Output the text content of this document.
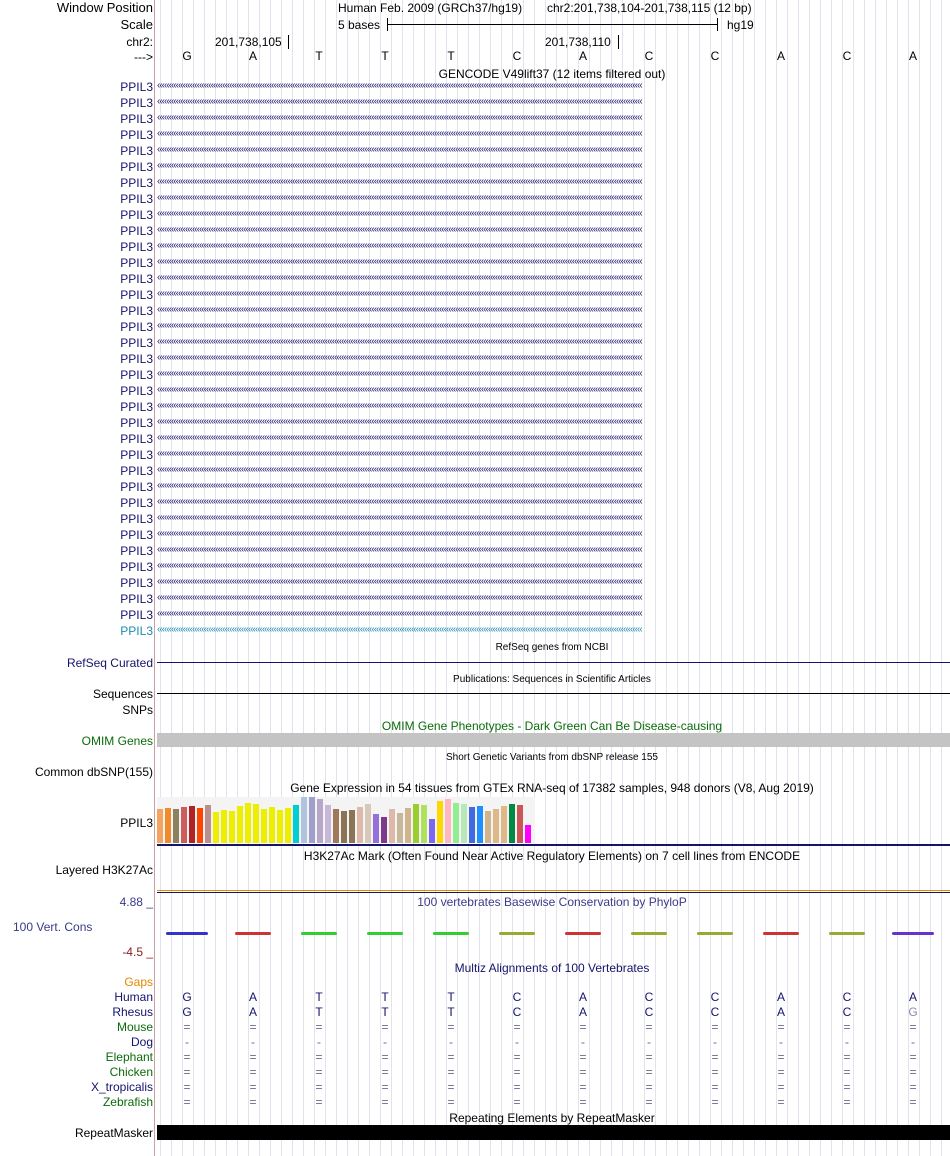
Window Position
Scale
chr2:
--->
Human Feb. 2009 (GRCh37/hg19) chr2:201,738,104-201,738,115 (12 bp)
5 bases	hg19
201,738,105	201,738,110
G	A	T	T	T	C	A	C	C	A	C	A
GENCODE V49lift37 (12 items filtered out)
PPIL3 ‹‹‹‹‹‹‹‹‹‹‹‹‹‹‹‹‹‹‹‹‹‹‹‹‹‹‹‹‹‹‹‹‹‹‹‹‹‹‹‹‹‹‹‹‹‹‹‹‹‹‹‹‹‹‹‹‹‹‹‹‹‹‹‹‹‹‹‹‹‹‹‹‹‹‹‹‹‹‹‹‹‹‹‹‹‹‹‹‹‹‹‹‹‹‹‹‹‹‹‹‹‹‹‹‹‹‹‹‹‹‹‹‹‹‹‹‹‹‹‹‹‹‹‹‹‹‹‹‹‹‹‹‹‹‹‹‹‹‹‹‹‹‹‹‹‹‹‹‹‹‹‹‹‹‹‹‹‹‹‹‹‹‹‹‹‹‹‹‹‹‹‹‹‹‹‹‹‹‹‹‹‹‹‹‹‹‹‹‹‹‹‹‹‹‹‹‹‹‹‹‹‹‹‹‹‹‹‹
PPIL3 ‹‹‹‹‹‹‹‹‹‹‹‹‹‹‹‹‹‹‹‹‹‹‹‹‹‹‹‹‹‹‹‹‹‹‹‹‹‹‹‹‹‹‹‹‹‹‹‹‹‹‹‹‹‹‹‹‹‹‹‹‹‹‹‹‹‹‹‹‹‹‹‹‹‹‹‹‹‹‹‹‹‹‹‹‹‹‹‹‹‹‹‹‹‹‹‹‹‹‹‹‹‹‹‹‹‹‹‹‹‹‹‹‹‹‹‹‹‹‹‹‹‹‹‹‹‹‹‹‹‹‹‹‹‹‹‹‹‹‹‹‹‹‹‹‹‹‹‹‹‹‹‹‹‹‹‹‹‹‹‹‹‹‹‹‹‹‹‹‹‹‹‹‹‹‹‹‹‹‹‹‹‹‹‹‹‹‹‹‹‹‹‹‹‹‹‹‹‹‹‹‹‹‹‹‹‹‹‹
PPIL3 ‹‹‹‹‹‹‹‹‹‹‹‹‹‹‹‹‹‹‹‹‹‹‹‹‹‹‹‹‹‹‹‹‹‹‹‹‹‹‹‹‹‹‹‹‹‹‹‹‹‹‹‹‹‹‹‹‹‹‹‹‹‹‹‹‹‹‹‹‹‹‹‹‹‹‹‹‹‹‹‹‹‹‹‹‹‹‹‹‹‹‹‹‹‹‹‹‹‹‹‹‹‹‹‹‹‹‹‹‹‹‹‹‹‹‹‹‹‹‹‹‹‹‹‹‹‹‹‹‹‹‹‹‹‹‹‹‹‹‹‹‹‹‹‹‹‹‹‹‹‹‹‹‹‹‹‹‹‹‹‹‹‹‹‹‹‹‹‹‹‹‹‹‹‹‹‹‹‹‹‹‹‹‹‹‹‹‹‹‹‹‹‹‹‹‹‹‹‹‹‹‹‹‹‹‹‹‹‹
PPIL3 ‹‹‹‹‹‹‹‹‹‹‹‹‹‹‹‹‹‹‹‹‹‹‹‹‹‹‹‹‹‹‹‹‹‹‹‹‹‹‹‹‹‹‹‹‹‹‹‹‹‹‹‹‹‹‹‹‹‹‹‹‹‹‹‹‹‹‹‹‹‹‹‹‹‹‹‹‹‹‹‹‹‹‹‹‹‹‹‹‹‹‹‹‹‹‹‹‹‹‹‹‹‹‹‹‹‹‹‹‹‹‹‹‹‹‹‹‹‹‹‹‹‹‹‹‹‹‹‹‹‹‹‹‹‹‹‹‹‹‹‹‹‹‹‹‹‹‹‹‹‹‹‹‹‹‹‹‹‹‹‹‹‹‹‹‹‹‹‹‹‹‹‹‹‹‹‹‹‹‹‹‹‹‹‹‹‹‹‹‹‹‹‹‹‹‹‹‹‹‹‹‹‹‹‹‹‹‹‹
PPIL3 ‹‹‹‹‹‹‹‹‹‹‹‹‹‹‹‹‹‹‹‹‹‹‹‹‹‹‹‹‹‹‹‹‹‹‹‹‹‹‹‹‹‹‹‹‹‹‹‹‹‹‹‹‹‹‹‹‹‹‹‹‹‹‹‹‹‹‹‹‹‹‹‹‹‹‹‹‹‹‹‹‹‹‹‹‹‹‹‹‹‹‹‹‹‹‹‹‹‹‹‹‹‹‹‹‹‹‹‹‹‹‹‹‹‹‹‹‹‹‹‹‹‹‹‹‹‹‹‹‹‹‹‹‹‹‹‹‹‹‹‹‹‹‹‹‹‹‹‹‹‹‹‹‹‹‹‹‹‹‹‹‹‹‹‹‹‹‹‹‹‹‹‹‹‹‹‹‹‹‹‹‹‹‹‹‹‹‹‹‹‹‹‹‹‹‹‹‹‹‹‹‹‹‹‹‹‹‹‹
PPIL3 ‹‹‹‹‹‹‹‹‹‹‹‹‹‹‹‹‹‹‹‹‹‹‹‹‹‹‹‹‹‹‹‹‹‹‹‹‹‹‹‹‹‹‹‹‹‹‹‹‹‹‹‹‹‹‹‹‹‹‹‹‹‹‹‹‹‹‹‹‹‹‹‹‹‹‹‹‹‹‹‹‹‹‹‹‹‹‹‹‹‹‹‹‹‹‹‹‹‹‹‹‹‹‹‹‹‹‹‹‹‹‹‹‹‹‹‹‹‹‹‹‹‹‹‹‹‹‹‹‹‹‹‹‹‹‹‹‹‹‹‹‹‹‹‹‹‹‹‹‹‹‹‹‹‹‹‹‹‹‹‹‹‹‹‹‹‹‹‹‹‹‹‹‹‹‹‹‹‹‹‹‹‹‹‹‹‹‹‹‹‹‹‹‹‹‹‹‹‹‹‹‹‹‹‹‹‹‹‹
PPIL3 ‹‹‹‹‹‹‹‹‹‹‹‹‹‹‹‹‹‹‹‹‹‹‹‹‹‹‹‹‹‹‹‹‹‹‹‹‹‹‹‹‹‹‹‹‹‹‹‹‹‹‹‹‹‹‹‹‹‹‹‹‹‹‹‹‹‹‹‹‹‹‹‹‹‹‹‹‹‹‹‹‹‹‹‹‹‹‹‹‹‹‹‹‹‹‹‹‹‹‹‹‹‹‹‹‹‹‹‹‹‹‹‹‹‹‹‹‹‹‹‹‹‹‹‹‹‹‹‹‹‹‹‹‹‹‹‹‹‹‹‹‹‹‹‹‹‹‹‹‹‹‹‹‹‹‹‹‹‹‹‹‹‹‹‹‹‹‹‹‹‹‹‹‹‹‹‹‹‹‹‹‹‹‹‹‹‹‹‹‹‹‹‹‹‹‹‹‹‹‹‹‹‹‹‹‹‹‹‹
PPIL3 ‹‹‹‹‹‹‹‹‹‹‹‹‹‹‹‹‹‹‹‹‹‹‹‹‹‹‹‹‹‹‹‹‹‹‹‹‹‹‹‹‹‹‹‹‹‹‹‹‹‹‹‹‹‹‹‹‹‹‹‹‹‹‹‹‹‹‹‹‹‹‹‹‹‹‹‹‹‹‹‹‹‹‹‹‹‹‹‹‹‹‹‹‹‹‹‹‹‹‹‹‹‹‹‹‹‹‹‹‹‹‹‹‹‹‹‹‹‹‹‹‹‹‹‹‹‹‹‹‹‹‹‹‹‹‹‹‹‹‹‹‹‹‹‹‹‹‹‹‹‹‹‹‹‹‹‹‹‹‹‹‹‹‹‹‹‹‹‹‹‹‹‹‹‹‹‹‹‹‹‹‹‹‹‹‹‹‹‹‹‹‹‹‹‹‹‹‹‹‹‹‹‹‹‹‹‹‹‹
PPIL3 ‹‹‹‹‹‹‹‹‹‹‹‹‹‹‹‹‹‹‹‹‹‹‹‹‹‹‹‹‹‹‹‹‹‹‹‹‹‹‹‹‹‹‹‹‹‹‹‹‹‹‹‹‹‹‹‹‹‹‹‹‹‹‹‹‹‹‹‹‹‹‹‹‹‹‹‹‹‹‹‹‹‹‹‹‹‹‹‹‹‹‹‹‹‹‹‹‹‹‹‹‹‹‹‹‹‹‹‹‹‹‹‹‹‹‹‹‹‹‹‹‹‹‹‹‹‹‹‹‹‹‹‹‹‹‹‹‹‹‹‹‹‹‹‹‹‹‹‹‹‹‹‹‹‹‹‹‹‹‹‹‹‹‹‹‹‹‹‹‹‹‹‹‹‹‹‹‹‹‹‹‹‹‹‹‹‹‹‹‹‹‹‹‹‹‹‹‹‹‹‹‹‹‹‹‹‹‹‹
PPIL3 ‹‹‹‹‹‹‹‹‹‹‹‹‹‹‹‹‹‹‹‹‹‹‹‹‹‹‹‹‹‹‹‹‹‹‹‹‹‹‹‹‹‹‹‹‹‹‹‹‹‹‹‹‹‹‹‹‹‹‹‹‹‹‹‹‹‹‹‹‹‹‹‹‹‹‹‹‹‹‹‹‹‹‹‹‹‹‹‹‹‹‹‹‹‹‹‹‹‹‹‹‹‹‹‹‹‹‹‹‹‹‹‹‹‹‹‹‹‹‹‹‹‹‹‹‹‹‹‹‹‹‹‹‹‹‹‹‹‹‹‹‹‹‹‹‹‹‹‹‹‹‹‹‹‹‹‹‹‹‹‹‹‹‹‹‹‹‹‹‹‹‹‹‹‹‹‹‹‹‹‹‹‹‹‹‹‹‹‹‹‹‹‹‹‹‹‹‹‹‹‹‹‹‹‹‹‹‹‹
PPIL3 ‹‹‹‹‹‹‹‹‹‹‹‹‹‹‹‹‹‹‹‹‹‹‹‹‹‹‹‹‹‹‹‹‹‹‹‹‹‹‹‹‹‹‹‹‹‹‹‹‹‹‹‹‹‹‹‹‹‹‹‹‹‹‹‹‹‹‹‹‹‹‹‹‹‹‹‹‹‹‹‹‹‹‹‹‹‹‹‹‹‹‹‹‹‹‹‹‹‹‹‹‹‹‹‹‹‹‹‹‹‹‹‹‹‹‹‹‹‹‹‹‹‹‹‹‹‹‹‹‹‹‹‹‹‹‹‹‹‹‹‹‹‹‹‹‹‹‹‹‹‹‹‹‹‹‹‹‹‹‹‹‹‹‹‹‹‹‹‹‹‹‹‹‹‹‹‹‹‹‹‹‹‹‹‹‹‹‹‹‹‹‹‹‹‹‹‹‹‹‹‹‹‹‹‹‹‹‹‹
PPIL3 ‹‹‹‹‹‹‹‹‹‹‹‹‹‹‹‹‹‹‹‹‹‹‹‹‹‹‹‹‹‹‹‹‹‹‹‹‹‹‹‹‹‹‹‹‹‹‹‹‹‹‹‹‹‹‹‹‹‹‹‹‹‹‹‹‹‹‹‹‹‹‹‹‹‹‹‹‹‹‹‹‹‹‹‹‹‹‹‹‹‹‹‹‹‹‹‹‹‹‹‹‹‹‹‹‹‹‹‹‹‹‹‹‹‹‹‹‹‹‹‹‹‹‹‹‹‹‹‹‹‹‹‹‹‹‹‹‹‹‹‹‹‹‹‹‹‹‹‹‹‹‹‹‹‹‹‹‹‹‹‹‹‹‹‹‹‹‹‹‹‹‹‹‹‹‹‹‹‹‹‹‹‹‹‹‹‹‹‹‹‹‹‹‹‹‹‹‹‹‹‹‹‹‹‹‹‹‹‹
PPIL3 ‹‹‹‹‹‹‹‹‹‹‹‹‹‹‹‹‹‹‹‹‹‹‹‹‹‹‹‹‹‹‹‹‹‹‹‹‹‹‹‹‹‹‹‹‹‹‹‹‹‹‹‹‹‹‹‹‹‹‹‹‹‹‹‹‹‹‹‹‹‹‹‹‹‹‹‹‹‹‹‹‹‹‹‹‹‹‹‹‹‹‹‹‹‹‹‹‹‹‹‹‹‹‹‹‹‹‹‹‹‹‹‹‹‹‹‹‹‹‹‹‹‹‹‹‹‹‹‹‹‹‹‹‹‹‹‹‹‹‹‹‹‹‹‹‹‹‹‹‹‹‹‹‹‹‹‹‹‹‹‹‹‹‹‹‹‹‹‹‹‹‹‹‹‹‹‹‹‹‹‹‹‹‹‹‹‹‹‹‹‹‹‹‹‹‹‹‹‹‹‹‹‹‹‹‹‹‹‹
PPIL3 ‹‹‹‹‹‹‹‹‹‹‹‹‹‹‹‹‹‹‹‹‹‹‹‹‹‹‹‹‹‹‹‹‹‹‹‹‹‹‹‹‹‹‹‹‹‹‹‹‹‹‹‹‹‹‹‹‹‹‹‹‹‹‹‹‹‹‹‹‹‹‹‹‹‹‹‹‹‹‹‹‹‹‹‹‹‹‹‹‹‹‹‹‹‹‹‹‹‹‹‹‹‹‹‹‹‹‹‹‹‹‹‹‹‹‹‹‹‹‹‹‹‹‹‹‹‹‹‹‹‹‹‹‹‹‹‹‹‹‹‹‹‹‹‹‹‹‹‹‹‹‹‹‹‹‹‹‹‹‹‹‹‹‹‹‹‹‹‹‹‹‹‹‹‹‹‹‹‹‹‹‹‹‹‹‹‹‹‹‹‹‹‹‹‹‹‹‹‹‹‹‹‹‹‹‹‹‹‹
PPIL3 ‹‹‹‹‹‹‹‹‹‹‹‹‹‹‹‹‹‹‹‹‹‹‹‹‹‹‹‹‹‹‹‹‹‹‹‹‹‹‹‹‹‹‹‹‹‹‹‹‹‹‹‹‹‹‹‹‹‹‹‹‹‹‹‹‹‹‹‹‹‹‹‹‹‹‹‹‹‹‹‹‹‹‹‹‹‹‹‹‹‹‹‹‹‹‹‹‹‹‹‹‹‹‹‹‹‹‹‹‹‹‹‹‹‹‹‹‹‹‹‹‹‹‹‹‹‹‹‹‹‹‹‹‹‹‹‹‹‹‹‹‹‹‹‹‹‹‹‹‹‹‹‹‹‹‹‹‹‹‹‹‹‹‹‹‹‹‹‹‹‹‹‹‹‹‹‹‹‹‹‹‹‹‹‹‹‹‹‹‹‹‹‹‹‹‹‹‹‹‹‹‹‹‹‹‹‹‹‹
PPIL3 ‹‹‹‹‹‹‹‹‹‹‹‹‹‹‹‹‹‹‹‹‹‹‹‹‹‹‹‹‹‹‹‹‹‹‹‹‹‹‹‹‹‹‹‹‹‹‹‹‹‹‹‹‹‹‹‹‹‹‹‹‹‹‹‹‹‹‹‹‹‹‹‹‹‹‹‹‹‹‹‹‹‹‹‹‹‹‹‹‹‹‹‹‹‹‹‹‹‹‹‹‹‹‹‹‹‹‹‹‹‹‹‹‹‹‹‹‹‹‹‹‹‹‹‹‹‹‹‹‹‹‹‹‹‹‹‹‹‹‹‹‹‹‹‹‹‹‹‹‹‹‹‹‹‹‹‹‹‹‹‹‹‹‹‹‹‹‹‹‹‹‹‹‹‹‹‹‹‹‹‹‹‹‹‹‹‹‹‹‹‹‹‹‹‹‹‹‹‹‹‹‹‹‹‹‹‹‹‹
PPIL3 ‹‹‹‹‹‹‹‹‹‹‹‹‹‹‹‹‹‹‹‹‹‹‹‹‹‹‹‹‹‹‹‹‹‹‹‹‹‹‹‹‹‹‹‹‹‹‹‹‹‹‹‹‹‹‹‹‹‹‹‹‹‹‹‹‹‹‹‹‹‹‹‹‹‹‹‹‹‹‹‹‹‹‹‹‹‹‹‹‹‹‹‹‹‹‹‹‹‹‹‹‹‹‹‹‹‹‹‹‹‹‹‹‹‹‹‹‹‹‹‹‹‹‹‹‹‹‹‹‹‹‹‹‹‹‹‹‹‹‹‹‹‹‹‹‹‹‹‹‹‹‹‹‹‹‹‹‹‹‹‹‹‹‹‹‹‹‹‹‹‹‹‹‹‹‹‹‹‹‹‹‹‹‹‹‹‹‹‹‹‹‹‹‹‹‹‹‹‹‹‹‹‹‹‹‹‹‹‹
PPIL3 ‹‹‹‹‹‹‹‹‹‹‹‹‹‹‹‹‹‹‹‹‹‹‹‹‹‹‹‹‹‹‹‹‹‹‹‹‹‹‹‹‹‹‹‹‹‹‹‹‹‹‹‹‹‹‹‹‹‹‹‹‹‹‹‹‹‹‹‹‹‹‹‹‹‹‹‹‹‹‹‹‹‹‹‹‹‹‹‹‹‹‹‹‹‹‹‹‹‹‹‹‹‹‹‹‹‹‹‹‹‹‹‹‹‹‹‹‹‹‹‹‹‹‹‹‹‹‹‹‹‹‹‹‹‹‹‹‹‹‹‹‹‹‹‹‹‹‹‹‹‹‹‹‹‹‹‹‹‹‹‹‹‹‹‹‹‹‹‹‹‹‹‹‹‹‹‹‹‹‹‹‹‹‹‹‹‹‹‹‹‹‹‹‹‹‹‹‹‹‹‹‹‹‹‹‹‹‹‹
PPIL3 ‹‹‹‹‹‹‹‹‹‹‹‹‹‹‹‹‹‹‹‹‹‹‹‹‹‹‹‹‹‹‹‹‹‹‹‹‹‹‹‹‹‹‹‹‹‹‹‹‹‹‹‹‹‹‹‹‹‹‹‹‹‹‹‹‹‹‹‹‹‹‹‹‹‹‹‹‹‹‹‹‹‹‹‹‹‹‹‹‹‹‹‹‹‹‹‹‹‹‹‹‹‹‹‹‹‹‹‹‹‹‹‹‹‹‹‹‹‹‹‹‹‹‹‹‹‹‹‹‹‹‹‹‹‹‹‹‹‹‹‹‹‹‹‹‹‹‹‹‹‹‹‹‹‹‹‹‹‹‹‹‹‹‹‹‹‹‹‹‹‹‹‹‹‹‹‹‹‹‹‹‹‹‹‹‹‹‹‹‹‹‹‹‹‹‹‹‹‹‹‹‹‹‹‹‹‹‹‹
PPIL3 ‹‹‹‹‹‹‹‹‹‹‹‹‹‹‹‹‹‹‹‹‹‹‹‹‹‹‹‹‹‹‹‹‹‹‹‹‹‹‹‹‹‹‹‹‹‹‹‹‹‹‹‹‹‹‹‹‹‹‹‹‹‹‹‹‹‹‹‹‹‹‹‹‹‹‹‹‹‹‹‹‹‹‹‹‹‹‹‹‹‹‹‹‹‹‹‹‹‹‹‹‹‹‹‹‹‹‹‹‹‹‹‹‹‹‹‹‹‹‹‹‹‹‹‹‹‹‹‹‹‹‹‹‹‹‹‹‹‹‹‹‹‹‹‹‹‹‹‹‹‹‹‹‹‹‹‹‹‹‹‹‹‹‹‹‹‹‹‹‹‹‹‹‹‹‹‹‹‹‹‹‹‹‹‹‹‹‹‹‹‹‹‹‹‹‹‹‹‹‹‹‹‹‹‹‹‹‹‹
PPIL3 ‹‹‹‹‹‹‹‹‹‹‹‹‹‹‹‹‹‹‹‹‹‹‹‹‹‹‹‹‹‹‹‹‹‹‹‹‹‹‹‹‹‹‹‹‹‹‹‹‹‹‹‹‹‹‹‹‹‹‹‹‹‹‹‹‹‹‹‹‹‹‹‹‹‹‹‹‹‹‹‹‹‹‹‹‹‹‹‹‹‹‹‹‹‹‹‹‹‹‹‹‹‹‹‹‹‹‹‹‹‹‹‹‹‹‹‹‹‹‹‹‹‹‹‹‹‹‹‹‹‹‹‹‹‹‹‹‹‹‹‹‹‹‹‹‹‹‹‹‹‹‹‹‹‹‹‹‹‹‹‹‹‹‹‹‹‹‹‹‹‹‹‹‹‹‹‹‹‹‹‹‹‹‹‹‹‹‹‹‹‹‹‹‹‹‹‹‹‹‹‹‹‹‹‹‹‹‹‹
PPIL3 ‹‹‹‹‹‹‹‹‹‹‹‹‹‹‹‹‹‹‹‹‹‹‹‹‹‹‹‹‹‹‹‹‹‹‹‹‹‹‹‹‹‹‹‹‹‹‹‹‹‹‹‹‹‹‹‹‹‹‹‹‹‹‹‹‹‹‹‹‹‹‹‹‹‹‹‹‹‹‹‹‹‹‹‹‹‹‹‹‹‹‹‹‹‹‹‹‹‹‹‹‹‹‹‹‹‹‹‹‹‹‹‹‹‹‹‹‹‹‹‹‹‹‹‹‹‹‹‹‹‹‹‹‹‹‹‹‹‹‹‹‹‹‹‹‹‹‹‹‹‹‹‹‹‹‹‹‹‹‹‹‹‹‹‹‹‹‹‹‹‹‹‹‹‹‹‹‹‹‹‹‹‹‹‹‹‹‹‹‹‹‹‹‹‹‹‹‹‹‹‹‹‹‹‹‹‹‹‹
PPIL3 ‹‹‹‹‹‹‹‹‹‹‹‹‹‹‹‹‹‹‹‹‹‹‹‹‹‹‹‹‹‹‹‹‹‹‹‹‹‹‹‹‹‹‹‹‹‹‹‹‹‹‹‹‹‹‹‹‹‹‹‹‹‹‹‹‹‹‹‹‹‹‹‹‹‹‹‹‹‹‹‹‹‹‹‹‹‹‹‹‹‹‹‹‹‹‹‹‹‹‹‹‹‹‹‹‹‹‹‹‹‹‹‹‹‹‹‹‹‹‹‹‹‹‹‹‹‹‹‹‹‹‹‹‹‹‹‹‹‹‹‹‹‹‹‹‹‹‹‹‹‹‹‹‹‹‹‹‹‹‹‹‹‹‹‹‹‹‹‹‹‹‹‹‹‹‹‹‹‹‹‹‹‹‹‹‹‹‹‹‹‹‹‹‹‹‹‹‹‹‹‹‹‹‹‹‹‹‹‹
PPIL3 ‹‹‹‹‹‹‹‹‹‹‹‹‹‹‹‹‹‹‹‹‹‹‹‹‹‹‹‹‹‹‹‹‹‹‹‹‹‹‹‹‹‹‹‹‹‹‹‹‹‹‹‹‹‹‹‹‹‹‹‹‹‹‹‹‹‹‹‹‹‹‹‹‹‹‹‹‹‹‹‹‹‹‹‹‹‹‹‹‹‹‹‹‹‹‹‹‹‹‹‹‹‹‹‹‹‹‹‹‹‹‹‹‹‹‹‹‹‹‹‹‹‹‹‹‹‹‹‹‹‹‹‹‹‹‹‹‹‹‹‹‹‹‹‹‹‹‹‹‹‹‹‹‹‹‹‹‹‹‹‹‹‹‹‹‹‹‹‹‹‹‹‹‹‹‹‹‹‹‹‹‹‹‹‹‹‹‹‹‹‹‹‹‹‹‹‹‹‹‹‹‹‹‹‹‹‹‹‹
PPIL3 ‹‹‹‹‹‹‹‹‹‹‹‹‹‹‹‹‹‹‹‹‹‹‹‹‹‹‹‹‹‹‹‹‹‹‹‹‹‹‹‹‹‹‹‹‹‹‹‹‹‹‹‹‹‹‹‹‹‹‹‹‹‹‹‹‹‹‹‹‹‹‹‹‹‹‹‹‹‹‹‹‹‹‹‹‹‹‹‹‹‹‹‹‹‹‹‹‹‹‹‹‹‹‹‹‹‹‹‹‹‹‹‹‹‹‹‹‹‹‹‹‹‹‹‹‹‹‹‹‹‹‹‹‹‹‹‹‹‹‹‹‹‹‹‹‹‹‹‹‹‹‹‹‹‹‹‹‹‹‹‹‹‹‹‹‹‹‹‹‹‹‹‹‹‹‹‹‹‹‹‹‹‹‹‹‹‹‹‹‹‹‹‹‹‹‹‹‹‹‹‹‹‹‹‹‹‹‹‹
PPIL3 ‹‹‹‹‹‹‹‹‹‹‹‹‹‹‹‹‹‹‹‹‹‹‹‹‹‹‹‹‹‹‹‹‹‹‹‹‹‹‹‹‹‹‹‹‹‹‹‹‹‹‹‹‹‹‹‹‹‹‹‹‹‹‹‹‹‹‹‹‹‹‹‹‹‹‹‹‹‹‹‹‹‹‹‹‹‹‹‹‹‹‹‹‹‹‹‹‹‹‹‹‹‹‹‹‹‹‹‹‹‹‹‹‹‹‹‹‹‹‹‹‹‹‹‹‹‹‹‹‹‹‹‹‹‹‹‹‹‹‹‹‹‹‹‹‹‹‹‹‹‹‹‹‹‹‹‹‹‹‹‹‹‹‹‹‹‹‹‹‹‹‹‹‹‹‹‹‹‹‹‹‹‹‹‹‹‹‹‹‹‹‹‹‹‹‹‹‹‹‹‹‹‹‹‹‹‹‹‹
PPIL3 ‹‹‹‹‹‹‹‹‹‹‹‹‹‹‹‹‹‹‹‹‹‹‹‹‹‹‹‹‹‹‹‹‹‹‹‹‹‹‹‹‹‹‹‹‹‹‹‹‹‹‹‹‹‹‹‹‹‹‹‹‹‹‹‹‹‹‹‹‹‹‹‹‹‹‹‹‹‹‹‹‹‹‹‹‹‹‹‹‹‹‹‹‹‹‹‹‹‹‹‹‹‹‹‹‹‹‹‹‹‹‹‹‹‹‹‹‹‹‹‹‹‹‹‹‹‹‹‹‹‹‹‹‹‹‹‹‹‹‹‹‹‹‹‹‹‹‹‹‹‹‹‹‹‹‹‹‹‹‹‹‹‹‹‹‹‹‹‹‹‹‹‹‹‹‹‹‹‹‹‹‹‹‹‹‹‹‹‹‹‹‹‹‹‹‹‹‹‹‹‹‹‹‹‹‹‹‹‹
PPIL3 ‹‹‹‹‹‹‹‹‹‹‹‹‹‹‹‹‹‹‹‹‹‹‹‹‹‹‹‹‹‹‹‹‹‹‹‹‹‹‹‹‹‹‹‹‹‹‹‹‹‹‹‹‹‹‹‹‹‹‹‹‹‹‹‹‹‹‹‹‹‹‹‹‹‹‹‹‹‹‹‹‹‹‹‹‹‹‹‹‹‹‹‹‹‹‹‹‹‹‹‹‹‹‹‹‹‹‹‹‹‹‹‹‹‹‹‹‹‹‹‹‹‹‹‹‹‹‹‹‹‹‹‹‹‹‹‹‹‹‹‹‹‹‹‹‹‹‹‹‹‹‹‹‹‹‹‹‹‹‹‹‹‹‹‹‹‹‹‹‹‹‹‹‹‹‹‹‹‹‹‹‹‹‹‹‹‹‹‹‹‹‹‹‹‹‹‹‹‹‹‹‹‹‹‹‹‹‹‹
PPIL3 ‹‹‹‹‹‹‹‹‹‹‹‹‹‹‹‹‹‹‹‹‹‹‹‹‹‹‹‹‹‹‹‹‹‹‹‹‹‹‹‹‹‹‹‹‹‹‹‹‹‹‹‹‹‹‹‹‹‹‹‹‹‹‹‹‹‹‹‹‹‹‹‹‹‹‹‹‹‹‹‹‹‹‹‹‹‹‹‹‹‹‹‹‹‹‹‹‹‹‹‹‹‹‹‹‹‹‹‹‹‹‹‹‹‹‹‹‹‹‹‹‹‹‹‹‹‹‹‹‹‹‹‹‹‹‹‹‹‹‹‹‹‹‹‹‹‹‹‹‹‹‹‹‹‹‹‹‹‹‹‹‹‹‹‹‹‹‹‹‹‹‹‹‹‹‹‹‹‹‹‹‹‹‹‹‹‹‹‹‹‹‹‹‹‹‹‹‹‹‹‹‹‹‹‹‹‹‹‹
PPIL3 ‹‹‹‹‹‹‹‹‹‹‹‹‹‹‹‹‹‹‹‹‹‹‹‹‹‹‹‹‹‹‹‹‹‹‹‹‹‹‹‹‹‹‹‹‹‹‹‹‹‹‹‹‹‹‹‹‹‹‹‹‹‹‹‹‹‹‹‹‹‹‹‹‹‹‹‹‹‹‹‹‹‹‹‹‹‹‹‹‹‹‹‹‹‹‹‹‹‹‹‹‹‹‹‹‹‹‹‹‹‹‹‹‹‹‹‹‹‹‹‹‹‹‹‹‹‹‹‹‹‹‹‹‹‹‹‹‹‹‹‹‹‹‹‹‹‹‹‹‹‹‹‹‹‹‹‹‹‹‹‹‹‹‹‹‹‹‹‹‹‹‹‹‹‹‹‹‹‹‹‹‹‹‹‹‹‹‹‹‹‹‹‹‹‹‹‹‹‹‹‹‹‹‹‹‹‹‹‹
PPIL3 ‹‹‹‹‹‹‹‹‹‹‹‹‹‹‹‹‹‹‹‹‹‹‹‹‹‹‹‹‹‹‹‹‹‹‹‹‹‹‹‹‹‹‹‹‹‹‹‹‹‹‹‹‹‹‹‹‹‹‹‹‹‹‹‹‹‹‹‹‹‹‹‹‹‹‹‹‹‹‹‹‹‹‹‹‹‹‹‹‹‹‹‹‹‹‹‹‹‹‹‹‹‹‹‹‹‹‹‹‹‹‹‹‹‹‹‹‹‹‹‹‹‹‹‹‹‹‹‹‹‹‹‹‹‹‹‹‹‹‹‹‹‹‹‹‹‹‹‹‹‹‹‹‹‹‹‹‹‹‹‹‹‹‹‹‹‹‹‹‹‹‹‹‹‹‹‹‹‹‹‹‹‹‹‹‹‹‹‹‹‹‹‹‹‹‹‹‹‹‹‹‹‹‹‹‹‹‹‹
PPIL3 ‹‹‹‹‹‹‹‹‹‹‹‹‹‹‹‹‹‹‹‹‹‹‹‹‹‹‹‹‹‹‹‹‹‹‹‹‹‹‹‹‹‹‹‹‹‹‹‹‹‹‹‹‹‹‹‹‹‹‹‹‹‹‹‹‹‹‹‹‹‹‹‹‹‹‹‹‹‹‹‹‹‹‹‹‹‹‹‹‹‹‹‹‹‹‹‹‹‹‹‹‹‹‹‹‹‹‹‹‹‹‹‹‹‹‹‹‹‹‹‹‹‹‹‹‹‹‹‹‹‹‹‹‹‹‹‹‹‹‹‹‹‹‹‹‹‹‹‹‹‹‹‹‹‹‹‹‹‹‹‹‹‹‹‹‹‹‹‹‹‹‹‹‹‹‹‹‹‹‹‹‹‹‹‹‹‹‹‹‹‹‹‹‹‹‹‹‹‹‹‹‹‹‹‹‹‹‹‹
PPIL3 ‹‹‹‹‹‹‹‹‹‹‹‹‹‹‹‹‹‹‹‹‹‹‹‹‹‹‹‹‹‹‹‹‹‹‹‹‹‹‹‹‹‹‹‹‹‹‹‹‹‹‹‹‹‹‹‹‹‹‹‹‹‹‹‹‹‹‹‹‹‹‹‹‹‹‹‹‹‹‹‹‹‹‹‹‹‹‹‹‹‹‹‹‹‹‹‹‹‹‹‹‹‹‹‹‹‹‹‹‹‹‹‹‹‹‹‹‹‹‹‹‹‹‹‹‹‹‹‹‹‹‹‹‹‹‹‹‹‹‹‹‹‹‹‹‹‹‹‹‹‹‹‹‹‹‹‹‹‹‹‹‹‹‹‹‹‹‹‹‹‹‹‹‹‹‹‹‹‹‹‹‹‹‹‹‹‹‹‹‹‹‹‹‹‹‹‹‹‹‹‹‹‹‹‹‹‹‹‹
PPIL3 ‹‹‹‹‹‹‹‹‹‹‹‹‹‹‹‹‹‹‹‹‹‹‹‹‹‹‹‹‹‹‹‹‹‹‹‹‹‹‹‹‹‹‹‹‹‹‹‹‹‹‹‹‹‹‹‹‹‹‹‹‹‹‹‹‹‹‹‹‹‹‹‹‹‹‹‹‹‹‹‹‹‹‹‹‹‹‹‹‹‹‹‹‹‹‹‹‹‹‹‹‹‹‹‹‹‹‹‹‹‹‹‹‹‹‹‹‹‹‹‹‹‹‹‹‹‹‹‹‹‹‹‹‹‹‹‹‹‹‹‹‹‹‹‹‹‹‹‹‹‹‹‹‹‹‹‹‹‹‹‹‹‹‹‹‹‹‹‹‹‹‹‹‹‹‹‹‹‹‹‹‹‹‹‹‹‹‹‹‹‹‹‹‹‹‹‹‹‹‹‹‹‹‹‹‹‹‹‹
PPIL3 ‹‹‹‹‹‹‹‹‹‹‹‹‹‹‹‹‹‹‹‹‹‹‹‹‹‹‹‹‹‹‹‹‹‹‹‹‹‹‹‹‹‹‹‹‹‹‹‹‹‹‹‹‹‹‹‹‹‹‹‹‹‹‹‹‹‹‹‹‹‹‹‹‹‹‹‹‹‹‹‹‹‹‹‹‹‹‹‹‹‹‹‹‹‹‹‹‹‹‹‹‹‹‹‹‹‹‹‹‹‹‹‹‹‹‹‹‹‹‹‹‹‹‹‹‹‹‹‹‹‹‹‹‹‹‹‹‹‹‹‹‹‹‹‹‹‹‹‹‹‹‹‹‹‹‹‹‹‹‹‹‹‹‹‹‹‹‹‹‹‹‹‹‹‹‹‹‹‹‹‹‹‹‹‹‹‹‹‹‹‹‹‹‹‹‹‹‹‹‹‹‹‹‹‹‹‹‹‹
RefSeq genes from NCBI
RefSeq Curated
Publications: Sequences in Scientific Articles
Sequences
SNPs
OMIM Gene Phenotypes - Dark Green Can Be Disease-causing
OMIM Genes
Short Genetic Variants from dbSNP release 155
Common dbSNP(155)
Gene Expression in 54 tissues from GTEx RNA-seq of 17382 samples, 948 donors (V8, Aug 2019)
PPIL3
H3K27Ac Mark (Often Found Near Active Regulatory Elements) on 7 cell lines from ENCODE
Layered H3K27Ac
4.88 _	100 vertebrates Basewise Conservation by PhyloP
100 Vert. Cons
-4.5 _
Multiz Alignments of 100 Vertebrates
Gaps
Human G	A	T	T	T	C	A	C	C	A	C	A
Rhesus G	A	T	T	T	C	A	C	C	A	C	G
Mouse	=	=	=	=	=	=	=	=	=	=	=	=
Dog	-	-	-	-	-	-	-	-	-	-	-	-
Elephant	=	=	=	=	=	=	=	=	=	=	=	=
Chicken	=	=	=	=	=	=	=	=	=	=	=	=
X_tropicalis	=	=	=	=	=	=	=	=	=	=	=	=
Zebrafish	=	=	=	=	=	=	=	=	=	=	=	=
Repeating Elements by RepeatMasker
RepeatMasker
